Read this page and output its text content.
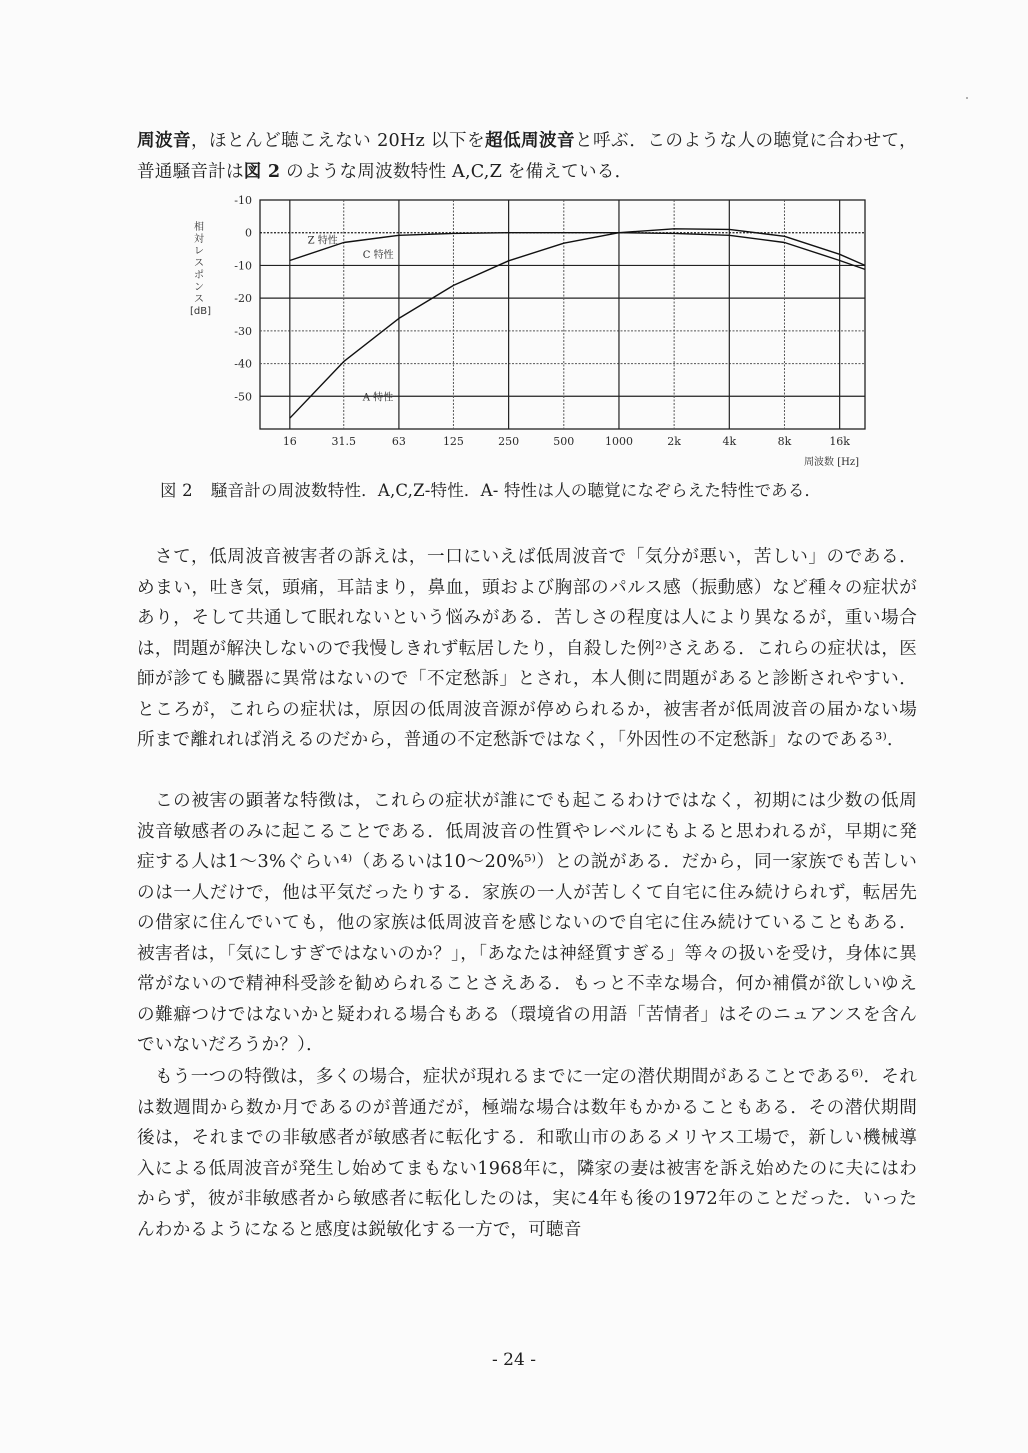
周波音，ほとんど聴こえない 20Hz 以下を超低周波音と呼ぶ．このような人の聴覚に合わせて，普通騒音計は図 2 のような周波数特性 A,C,Z を備えている．

相
対
レ
ス
ポ
ン
ス
[dB]
-10
0
-10
-20
-30
-40
-50
16	31.5	63	125	250	500	1000	2k	4k	8k	16k
周波数 [Hz]
Z 特性
C 特性
A 特性
図 2 騒音計の周波数特性．A,C,Z-特性．A- 特性は人の聴覚になぞらえた特性である．

さて，低周波音被害者の訴えは，一口にいえば低周波音で「気分が悪い，苦しい」のである．めまい，吐き気，頭痛，耳詰まり，鼻血，頭および胸部のパルス感（振動感）など種々の症状があり，そして共通して眠れないという悩みがある．苦しさの程度は人により異なるが，重い場合は，問題が解決しないので我慢しきれず転居したり，自殺した例²⁾さえある．これらの症状は，医師が診ても臓器に異常はないので「不定愁訴」とされ，本人側に問題があると診断されやすい．ところが，これらの症状は，原因の低周波音源が停められるか，被害者が低周波音の届かない場所まで離れれば消えるのだから，普通の不定愁訴ではなく，「外因性の不定愁訴」なのである³⁾．

この被害の顕著な特徴は，これらの症状が誰にでも起こるわけではなく，初期には少数の低周波音敏感者のみに起こることである．低周波音の性質やレベルにもよると思われるが，早期に発症する人は1～3%ぐらい⁴⁾（あるいは10～20%⁵⁾）との説がある．だから，同一家族でも苦しいのは一人だけで，他は平気だったりする．家族の一人が苦しくて自宅に住み続けられず，転居先の借家に住んでいても，他の家族は低周波音を感じないので自宅に住み続けていることもある．被害者は，「気にしすぎではないのか？」，「あなたは神経質すぎる」等々の扱いを受け，身体に異常がないので精神科受診を勧められることさえある．もっと不幸な場合，何か補償が欲しいゆえの難癖つけではないかと疑われる場合もある（環境省の用語「苦情者」はそのニュアンスを含んでいないだろうか？）．

もう一つの特徴は，多くの場合，症状が現れるまでに一定の潜伏期間があることである⁶⁾．それは数週間から数か月であるのが普通だが，極端な場合は数年もかかることもある．その潜伏期間後は，それまでの非敏感者が敏感者に転化する．和歌山市のあるメリヤス工場で，新しい機械導入による低周波音が発生し始めてまもない1968年に，隣家の妻は被害を訴え始めたのに夫にはわからず，彼が非敏感者から敏感者に転化したのは，実に4年も後の1972年のことだった．いったんわかるようになると感度は鋭敏化する一方で，可聴音

- 24 -
